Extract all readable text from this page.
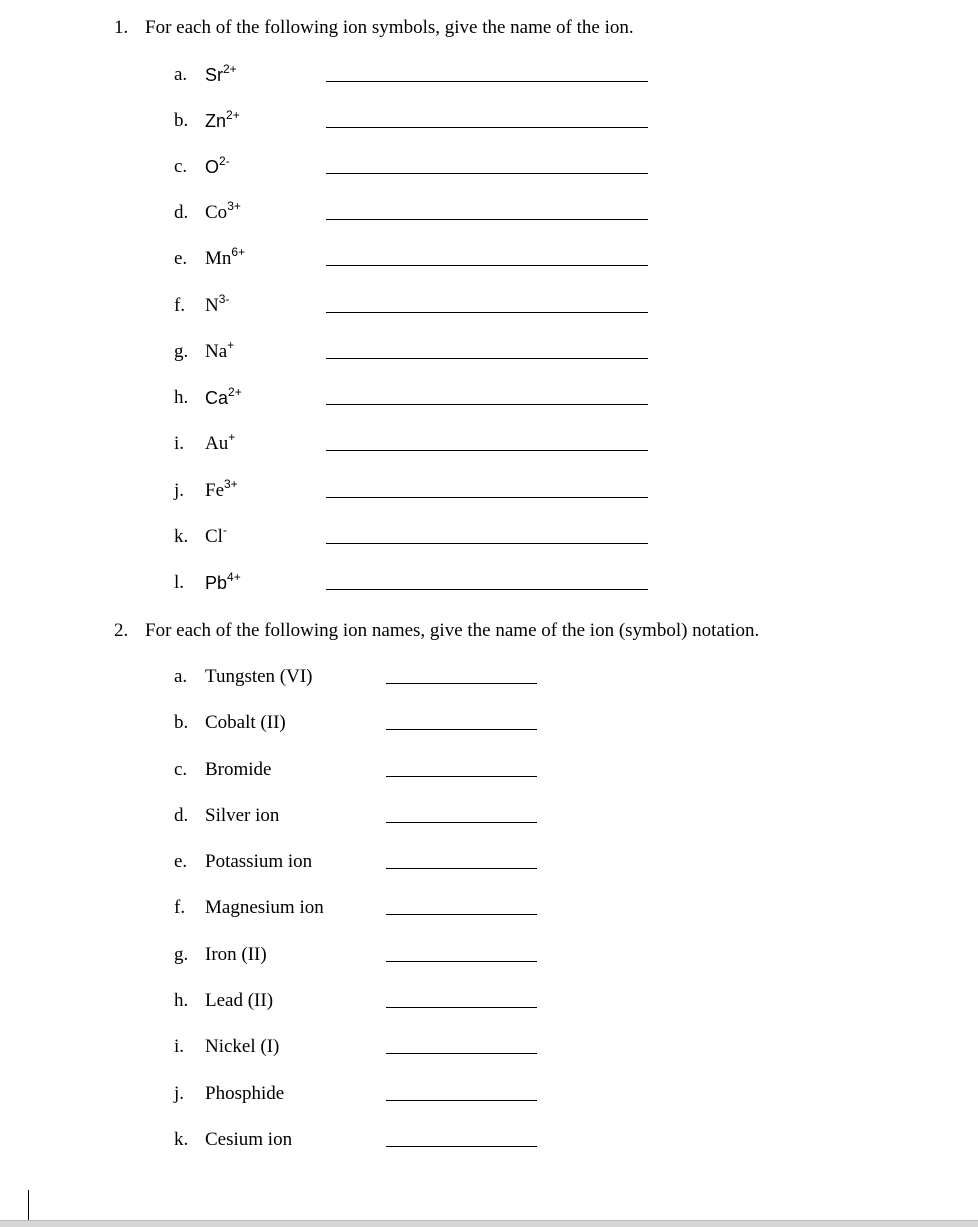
1. For each of the following ion symbols, give the name of the ion.
a. $Sr^{2+}$
b. $Zn^{2+}$
c. $O^{2-}$
d. $Co^{3+}$
e. $Mn^{6+}$
f. $N^{3-}$
g. Na+
h. $Ca^{2+}$
i. Au+
j. $Fe^{3+}$
k. Cl-
l. $Pb^{4+}$
2. For each of the following ion names, give the name of the ion (symbol) notation.
a. Tungsten (VI)
b. Cobalt (II)
c. Bromide
d. Silver ion
e. Potassium ion
f. Magnesium ion
g. Iron (II)
h. Lead (II)
i. Nickel (I)
j. Phosphide
k. Cesium ion
